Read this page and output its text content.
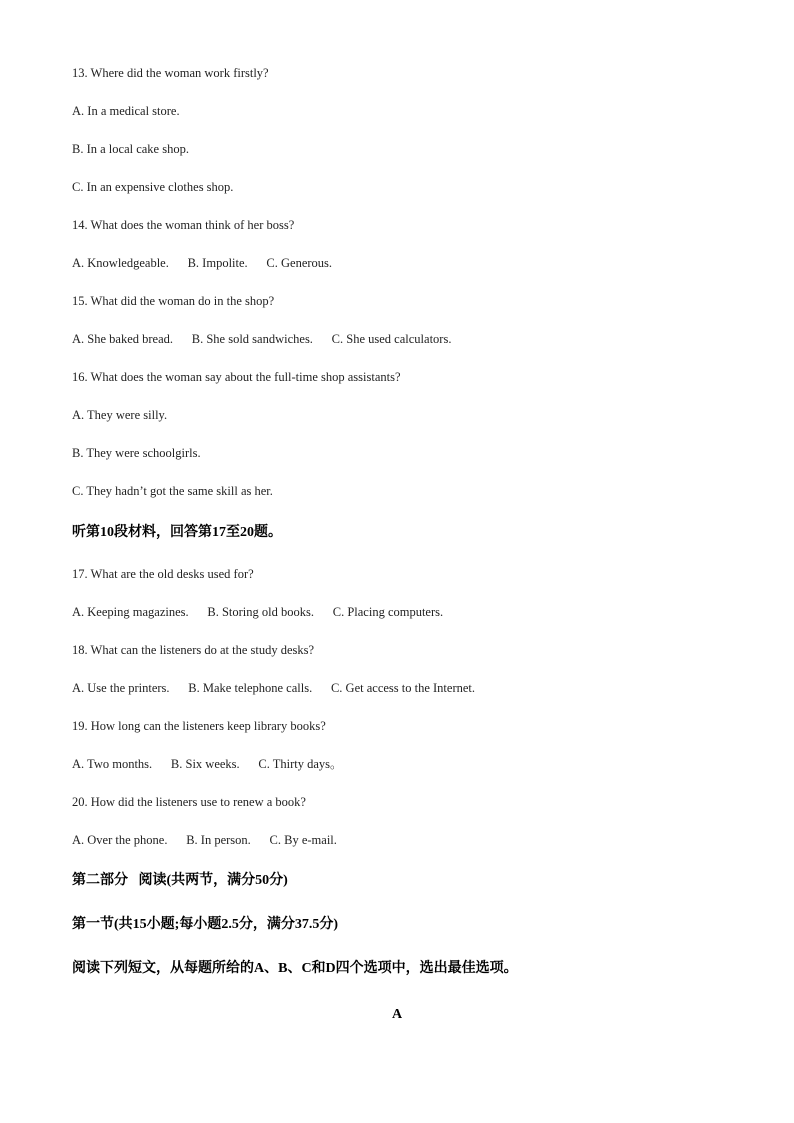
13. Where did the woman work firstly?
A. In a medical store.
B. In a local cake shop.
C. In an expensive clothes shop.
14. What does the woman think of her boss?
A. Knowledgeable.      B. Impolite.      C. Generous.
15. What did the woman do in the shop?
A. She baked bread.      B. She sold sandwiches.      C. She used calculators.
16. What does the woman say about the full-time shop assistants?
A. They were silly.
B. They were schoolgirls.
C. They hadn’t got the same skill as her.
听第10段材料，回答第17至20题。
17. What are the old desks used for?
A. Keeping magazines.      B. Storing old books.      C. Placing computers.
18. What can the listeners do at the study desks?
A. Use the printers.      B. Make telephone calls.      C. Get access to the Internet.
19. How long can the listeners keep library books?
A. Two months.      B. Six weeks.      C. Thirty days。
20. How did the listeners use to renew a book?
A. Over the phone.      B. In person.      C. By e-mail.
第二部分   阅读(共两节，满分50分)
第一节(共15小题;每小题2.5分，满分37.5分)
阅读下列短文，从每题所给的A、B、C和D四个选项中，选出最佳选项。
A
